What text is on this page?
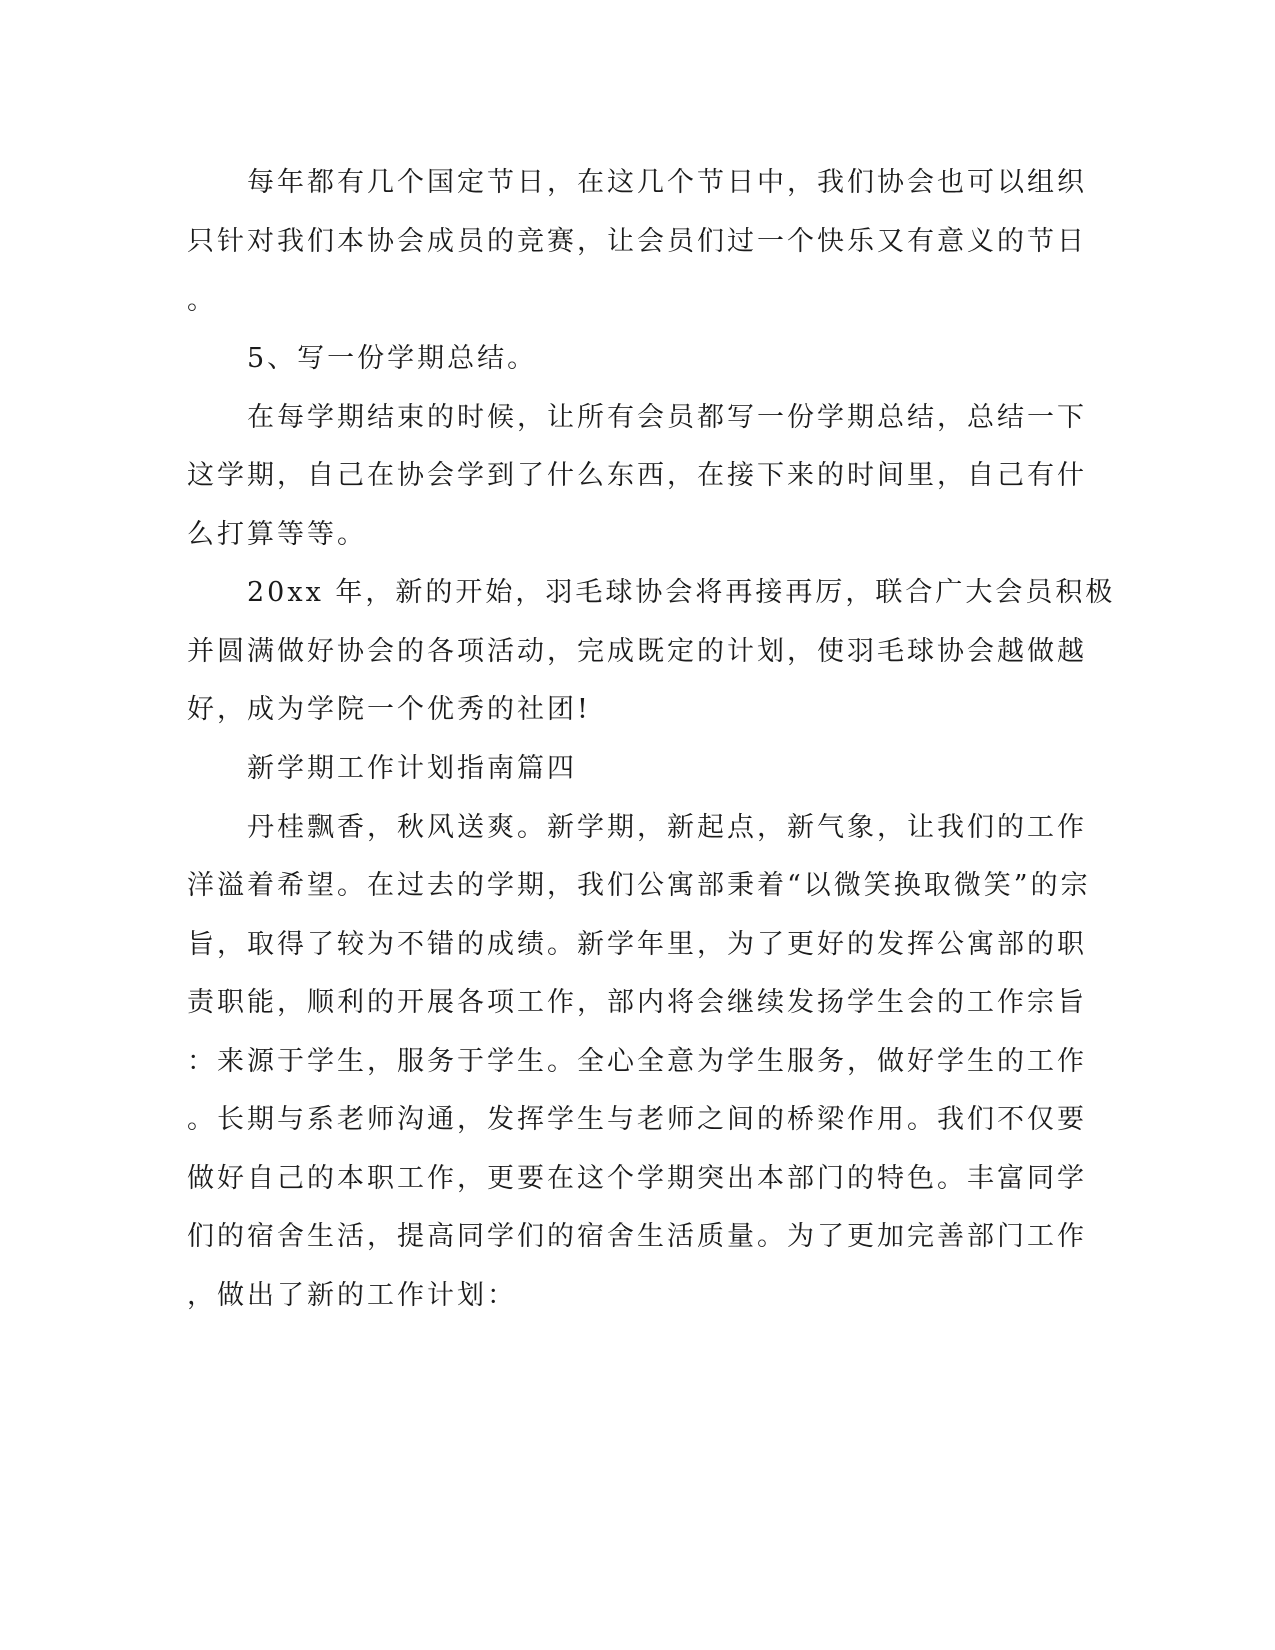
　　每年都有几个国定节日，在这几个节日中，我们协会也可以组织
只针对我们本协会成员的竞赛，让会员们过一个快乐又有意义的节日
。
　　5、写一份学期总结。
　　在每学期结束的时候，让所有会员都写一份学期总结，总结一下
这学期，自己在协会学到了什么东西，在接下来的时间里，自己有什
么打算等等。
　　20xx 年，新的开始，羽毛球协会将再接再厉，联合广大会员积极
并圆满做好协会的各项活动，完成既定的计划，使羽毛球协会越做越
好，成为学院一个优秀的社团!
　　新学期工作计划指南篇四
　　丹桂飘香，秋风送爽。新学期，新起点，新气象，让我们的工作
洋溢着希望。在过去的学期，我们公寓部秉着“以微笑换取微笑”的宗
旨，取得了较为不错的成绩。新学年里，为了更好的发挥公寓部的职
责职能，顺利的开展各项工作，部内将会继续发扬学生会的工作宗旨
：来源于学生，服务于学生。全心全意为学生服务，做好学生的工作
。长期与系老师沟通，发挥学生与老师之间的桥梁作用。我们不仅要
做好自己的本职工作，更要在这个学期突出本部门的特色。丰富同学
们的宿舍生活，提高同学们的宿舍生活质量。为了更加完善部门工作
，做出了新的工作计划：
